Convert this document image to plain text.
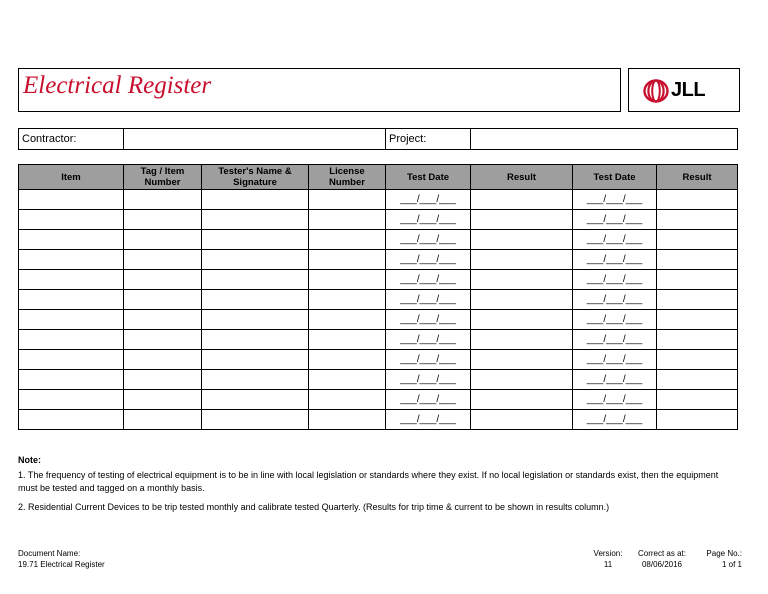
Electrical Register	JLL
Contractor:		Project:	
Item	Tag / Item Number	Tester's Name & Signature	License Number	Test Date	Result	Test Date	Result
				___/___/___		___/___/___	
				___/___/___		___/___/___	
				___/___/___		___/___/___	
				___/___/___		___/___/___	
				___/___/___		___/___/___	
				___/___/___		___/___/___	
				___/___/___		___/___/___	
				___/___/___		___/___/___	
				___/___/___		___/___/___	
				___/___/___		___/___/___	
				___/___/___		___/___/___	
				___/___/___		___/___/___	
Note:

1. The frequency of testing of electrical equipment is to be in line with local legislation or standards where they exist. If no local legislation or standards exist, then the equipment must be tested and tagged on a monthly basis.

2. Residential Current Devices to be trip tested monthly and calibrate tested Quarterly. (Results for trip time & current to be shown in results column.)

Document Name:
19.71 Electrical Register
Version:
11
Correct as at:
08/06/2016
Page No.:
1 of 1
